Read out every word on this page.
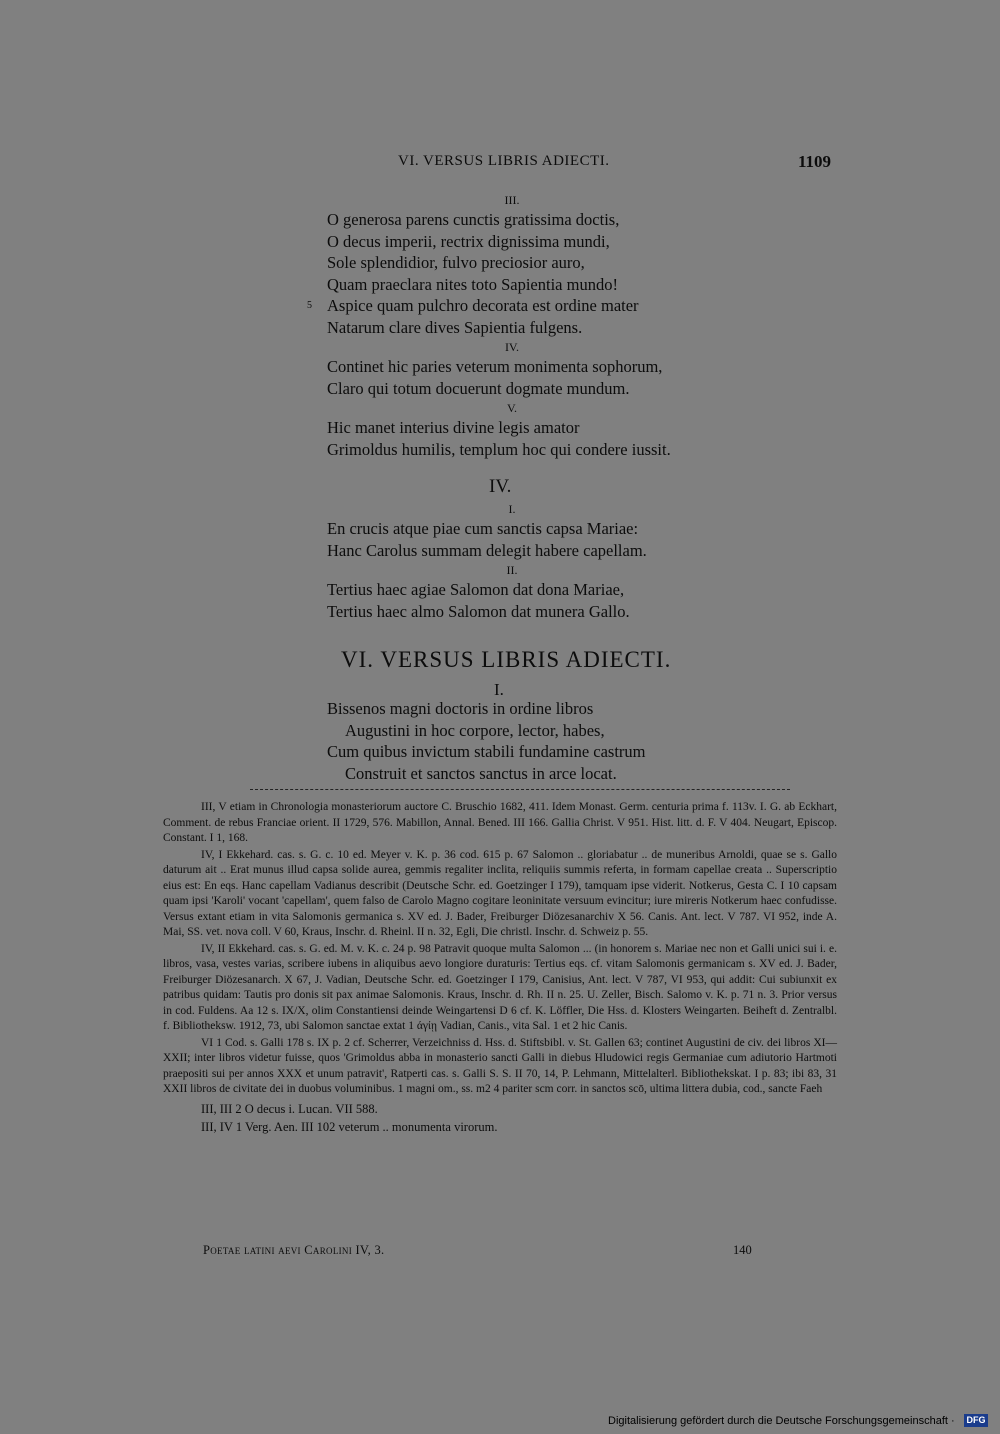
VI. VERSUS LIBRIS ADIECTI.	1109
III.
O generosa parens cunctis gratissima doctis,
O decus imperii, rectrix dignissima mundi,
Sole splendidior, fulvo preciosior auro,
Quam praeclara nites toto Sapientia mundo!
5 Aspice quam pulchro decorata est ordine mater
Natarum clare dives Sapientia fulgens.
IV.
Continet hic paries veterum monimenta sophorum,
Claro qui totum docuerunt dogmate mundum.
V.
Hic manet interius divine legis amator
Grimoldus humilis, templum hoc qui condere iussit.
IV.
I.
En crucis atque piae cum sanctis capsa Mariae:
Hanc Carolus summam delegit habere capellam.
II.
Tertius haec agiae Salomon dat dona Mariae,
Tertius haec almo Salomon dat munera Gallo.
VI. VERSUS LIBRIS ADIECTI.
I.
Bissenos magni doctoris in ordine libros
Augustini in hoc corpore, lector, habes,
Cum quibus invictum stabili fundamine castrum
Construit et sanctos sanctus in arce locat.

III, V etiam in Chronologia monasteriorum auctore C. Bruschio 1682, 411. Idem Monast. Germ. centuria prima f. 113v. I. G. ab Eckhart, Comment. de rebus Franciae orient. II 1729, 576. Mabillon, Annal. Bened. III 166. Gallia Christ. V 951. Hist. litt. d. F. V 404. Neugart, Episcop. Constant. I 1, 168.

IV, I Ekkehard. cas. s. G. c. 10 ed. Meyer v. K. p. 36 cod. 615 p. 67 Salomon .. gloriabatur .. de muneribus Arnoldi, quae se s. Gallo daturum ait .. Erat munus illud capsa solide aurea, gemmis regaliter inclita, reliquiis summis referta, in formam capellae creata .. Superscriptio eius est: En eqs. Hanc capellam Vadianus describit (Deutsche Schr. ed. Goetzinger I 179), tamquam ipse viderit. Notkerus, Gesta C. I 10 capsam quam ipsi 'Karoli' vocant 'capellam', quem falso de Carolo Magno cogitare leoninitate versuum evincitur; iure mireris Notkerum haec confudisse. Versus extant etiam in vita Salomonis germanica s. XV ed. J. Bader, Freiburger Diözesanarchiv X 56. Canis. Ant. lect. V 787. VI 952, inde A. Mai, SS. vet. nova coll. V 60, Kraus, Inschr. d. Rheinl. II n. 32, Egli, Die christl. Inschr. d. Schweiz p. 55.

IV, II Ekkehard. cas. s. G. ed. M. v. K. c. 24 p. 98 Patravit quoque multa Salomon ... (in honorem s. Mariae nec non et Galli unici sui i. e. libros, vasa, vestes varias, scribere iubens in aliquibus aevo longiore duraturis: Tertius eqs. cf. vitam Salomonis germanicam s. XV ed. J. Bader, Freiburger Diözesanarch. X 67, J. Vadian, Deutsche Schr. ed. Goetzinger I 179, Canisius, Ant. lect. V 787, VI 953, qui addit: Cui subiunxit ex patribus quidam: Tautis pro donis sit pax animae Salomonis. Kraus, Inschr. d. Rh. II n. 25. U. Zeller, Bisch. Salomo v. K. p. 71 n. 3. Prior versus in cod. Fuldens. Aa 12 s. IX/X, olim Constantiensi deinde Weingartensi D 6 cf. K. Löffler, Die Hss. d. Klosters Weingarten. Beiheft d. Zentralbl. f. Bibliotheksw. 1912, 73, ubi Salomon sanctae extat 1 άγίῃ Vadian, Canis., vita Sal. 1 et 2 hic Canis.

VI 1 Cod. s. Galli 178 s. IX p. 2 cf. Scherrer, Verzeichniss d. Hss. d. Stiftsbibl. v. St. Gallen 63; continet Augustini de civ. dei libros XI—XXII; inter libros videtur fuisse, quos 'Grimoldus abba in monasterio sancti Galli in diebus Hludowici regis Germaniae cum adiutorio Hartmoti praepositi sui per annos XXX et unum patravit', Ratperti cas. s. Galli S. S. II 70, 14, P. Lehmann, Mittelalterl. Bibliothekskat. I p. 83; ibi 83, 31 XXII libros de civitate dei in duobus voluminibus. 1 magni om., ss. m2 4 pariter scm corr. in sanctos scō, ultima littera dubia, cod., sancte Faeh

III, III 2 O decus i. Lucan. VII 588.

III, IV 1 Verg. Aen. III 102 veterum .. monumenta virorum.

Poetae latini aevi Carolini IV, 3.	140
Digitalisierung gefördert durch die Deutsche Forschungsgemeinschaft · DFG
